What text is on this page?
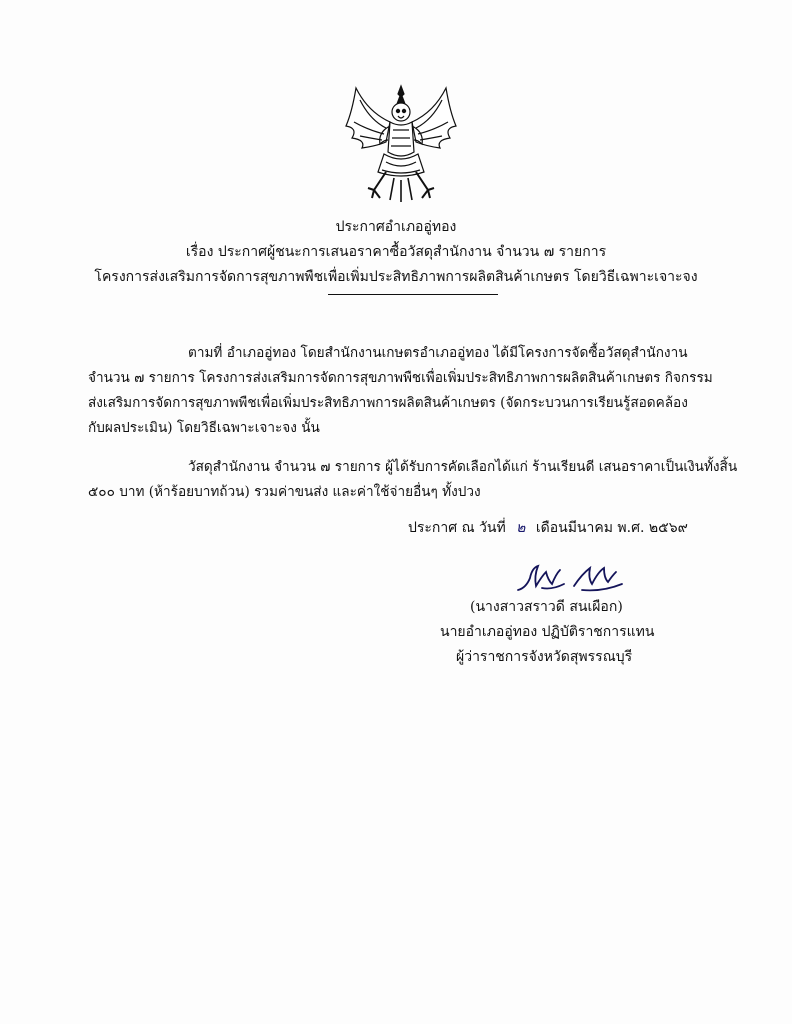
ประกาศอำเภออู่ทอง
เรื่อง ประกาศผู้ชนะการเสนอราคาซื้อวัสดุสำนักงาน จำนวน ๗ รายการ
โครงการส่งเสริมการจัดการสุขภาพพืชเพื่อเพิ่มประสิทธิภาพการผลิตสินค้าเกษตร โดยวิธีเฉพาะเจาะจง
ตามที่ อำเภออู่ทอง โดยสำนักงานเกษตรอำเภออู่ทอง ได้มีโครงการจัดซื้อวัสดุสำนักงาน
จำนวน ๗ รายการ โครงการส่งเสริมการจัดการสุขภาพพืชเพื่อเพิ่มประสิทธิภาพการผลิตสินค้าเกษตร กิจกรรม
ส่งเสริมการจัดการสุขภาพพืชเพื่อเพิ่มประสิทธิภาพการผลิตสินค้าเกษตร (จัดกระบวนการเรียนรู้สอดคล้อง
กับผลประเมิน) โดยวิธีเฉพาะเจาะจง นั้น
วัสดุสำนักงาน จำนวน ๗ รายการ ผู้ได้รับการคัดเลือกได้แก่ ร้านเรียนดี เสนอราคาเป็นเงินทั้งสิ้น
๕๐๐ บาท (ห้าร้อยบาทถ้วน) รวมค่าขนส่ง และค่าใช้จ่ายอื่นๆ ทั้งปวง
ประกาศ ณ วันที่ ๒ เดือนมีนาคม พ.ศ. ๒๕๖๙
(นางสาวสราวดี สนเผือก)
นายอำเภออู่ทอง ปฏิบัติราชการแทน
ผู้ว่าราชการจังหวัดสุพรรณบุรี
